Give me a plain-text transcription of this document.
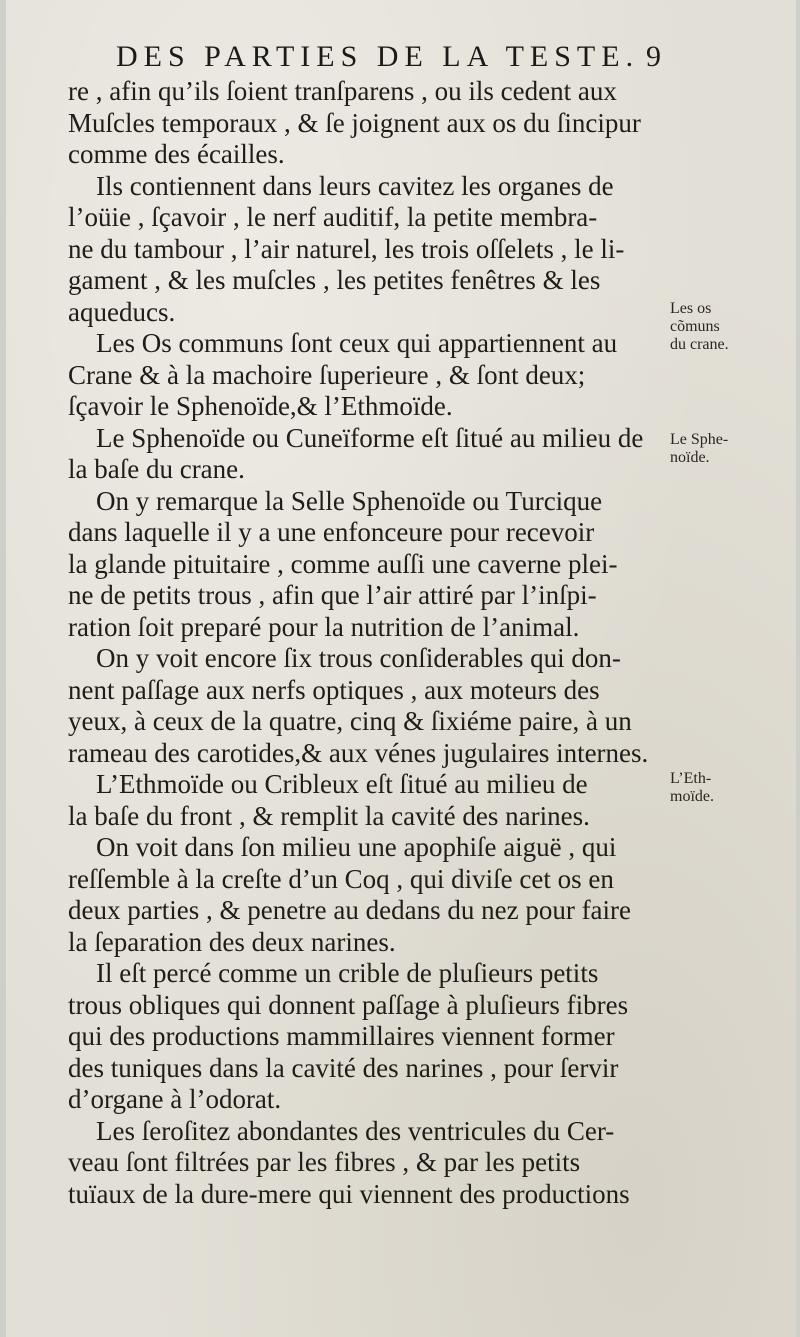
DES PARTIES DE LA TESTE. 9
re , afin qu’ils ſoient tranſparens , ou ils cedent aux
Muſcles temporaux , & ſe joignent aux os du ſincipur
comme des écailles.
Ils contiennent dans leurs cavitez les organes de
l’oüie , ſçavoir , le nerf auditif, la petite membra-
ne du tambour , l’air naturel, les trois oſſelets , le li-
gament , & les muſcles , les petites fenêtres & les
aqueducs.
Les Os communs ſont ceux qui appartiennent au
Crane & à la machoire ſuperieure , & ſont deux;
ſçavoir le Sphenoïde,& l’Ethmoïde.
Le Sphenoïde ou Cuneïforme eſt ſitué au milieu de
la baſe du crane.
On y remarque la Selle Sphenoïde ou Turcique
dans laquelle il y a une enfonceure pour recevoir
la glande pituitaire , comme auſſi une caverne plei-
ne de petits trous , afin que l’air attiré par l’inſpi-
ration ſoit preparé pour la nutrition de l’animal.
On y voit encore ſix trous conſiderables qui don-
nent paſſage aux nerfs optiques , aux moteurs des
yeux, à ceux de la quatre, cinq & ſixiéme paire, à un
rameau des carotides,& aux vénes jugulaires internes.
L’Ethmoïde ou Cribleux eſt ſitué au milieu de
la baſe du front , & remplit la cavité des narines.
On voit dans ſon milieu une apophiſe aiguë , qui
reſſemble à la creſte d’un Coq , qui diviſe cet os en
deux parties , & penetre au dedans du nez pour faire
la ſeparation des deux narines.
Il eſt percé comme un crible de pluſieurs petits
trous obliques qui donnent paſſage à pluſieurs fibres
qui des productions mammillaires viennent former
des tuniques dans la cavité des narines , pour ſervir
d’organe à l’odorat.
Les ſeroſitez abondantes des ventricules du Cer-
veau ſont filtrées par les fibres , & par les petits
tuïaux de la dure-mere qui viennent des productions
Les os
cõmuns
du crane.
Le Sphe-
noïde.
L’Eth-
moïde.
